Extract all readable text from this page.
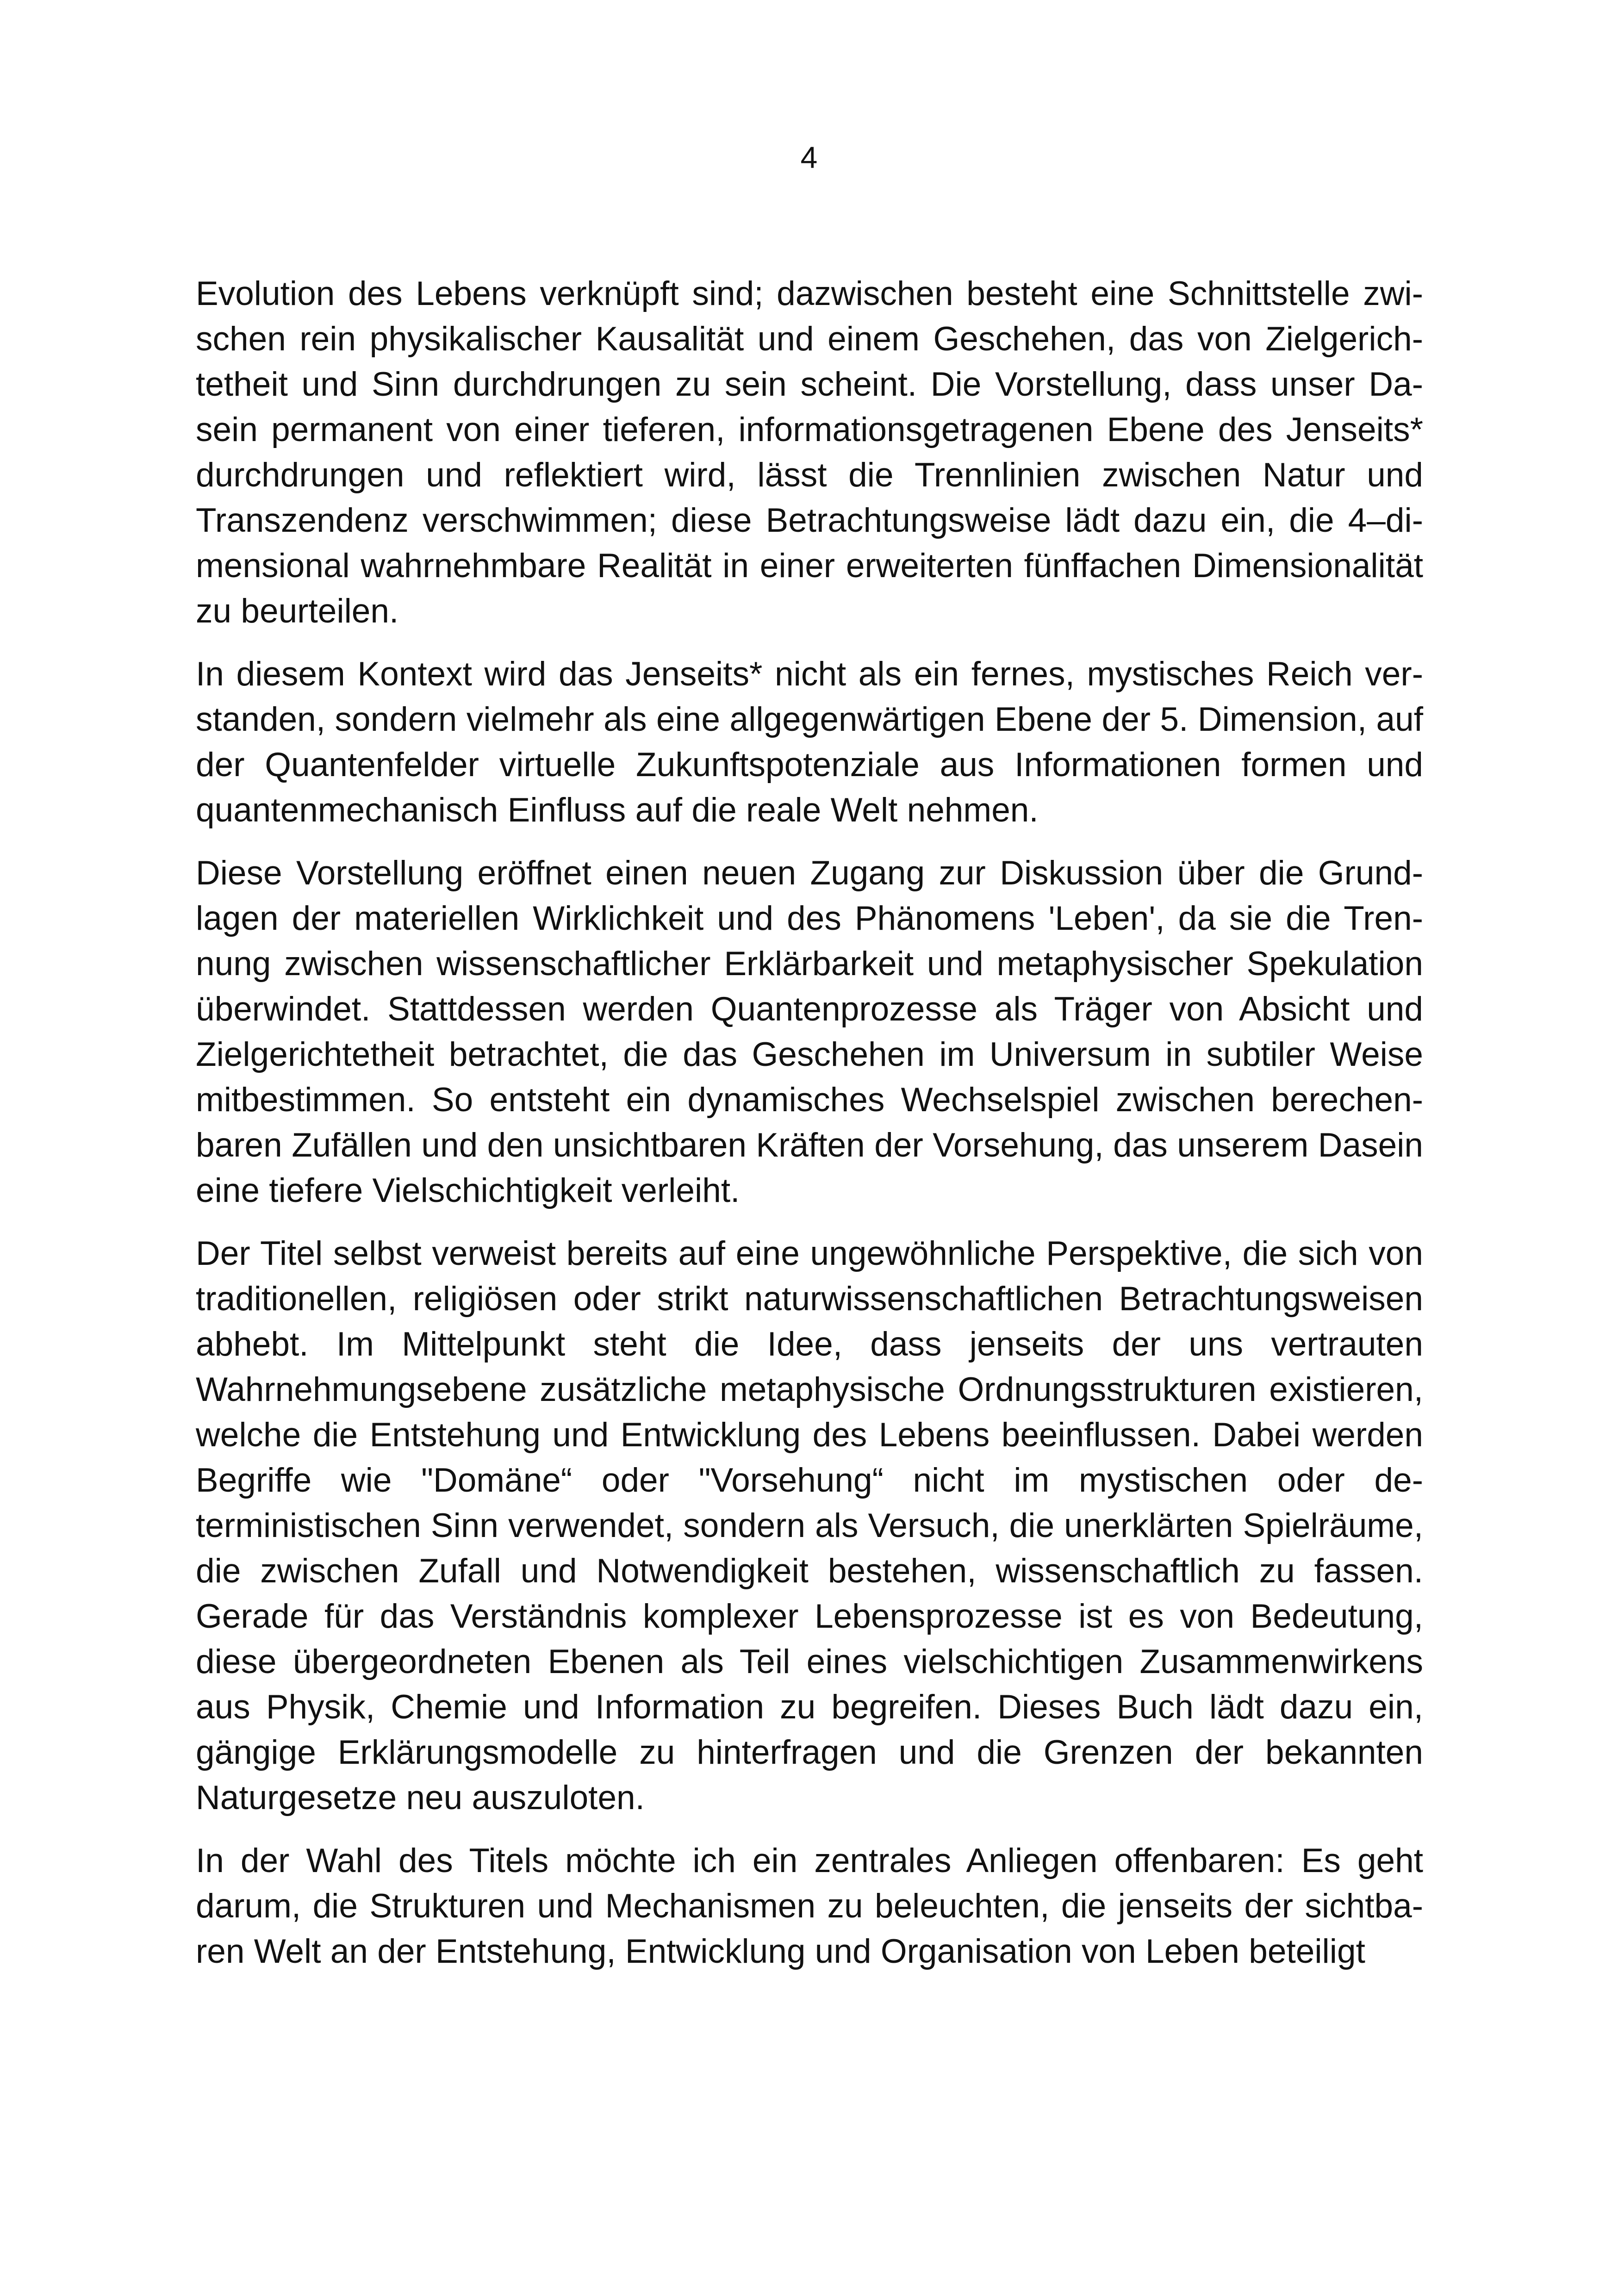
4

Evolution des Lebens verknüpft sind; dazwischen besteht eine Schnittstelle zwischen rein physikalischer Kausalität und einem Geschehen, das von Zielgerichtetheit und Sinn durchdrungen zu sein scheint. Die Vorstellung, dass unser Dasein permanent von einer tieferen, informationsgetragenen Ebene des Jenseits* durchdrungen und reflektiert wird, lässt die Trennlinien zwischen Natur und Transzendenz verschwimmen; diese Betrachtungsweise lädt dazu ein, die 4–dimensional wahrnehmbare Realität in einer erweiterten fünffachen Dimensionalität zu beurteilen.

In diesem Kontext wird das Jenseits* nicht als ein fernes, mystisches Reich verstanden, sondern vielmehr als eine allgegenwärtigen Ebene der 5. Dimension, auf der Quantenfelder virtuelle Zukunftspotenziale aus Informationen formen und quantenmechanisch Einfluss auf die reale Welt nehmen.

Diese Vorstellung eröffnet einen neuen Zugang zur Diskussion über die Grundlagen der materiellen Wirklichkeit und des Phänomens 'Leben', da sie die Trennung zwischen wissenschaftlicher Erklärbarkeit und metaphysischer Spekulation überwindet. Stattdessen werden Quantenprozesse als Träger von Absicht und Zielgerichtetheit betrachtet, die das Geschehen im Universum in subtiler Weise mitbestimmen. So entsteht ein dynamisches Wechselspiel zwischen berechenbaren Zufällen und den unsichtbaren Kräften der Vorsehung, das unserem Dasein eine tiefere Vielschichtigkeit verleiht.

Der Titel selbst verweist bereits auf eine ungewöhnliche Perspektive, die sich von traditionellen, religiösen oder strikt naturwissenschaftlichen Betrachtungsweisen abhebt. Im Mittelpunkt steht die Idee, dass jenseits der uns vertrauten Wahrnehmungsebene zusätzliche metaphysische Ordnungsstrukturen existieren, welche die Entstehung und Entwicklung des Lebens beeinflussen. Dabei werden Begriffe wie "Domäne“ oder "Vorsehung“ nicht im mystischen oder deterministischen Sinn verwendet, sondern als Versuch, die unerklärten Spielräume, die zwischen Zufall und Notwendigkeit bestehen, wissenschaftlich zu fassen. Gerade für das Verständnis komplexer Lebensprozesse ist es von Bedeutung, diese übergeordneten Ebenen als Teil eines vielschichtigen Zusammenwirkens aus Physik, Chemie und Information zu begreifen. Dieses Buch lädt dazu ein, gängige Erklärungsmodelle zu hinterfragen und die Grenzen der bekannten Naturgesetze neu auszuloten.

In der Wahl des Titels möchte ich ein zentrales Anliegen offenbaren: Es geht darum, die Strukturen und Mechanismen zu beleuchten, die jenseits der sichtbaren Welt an der Entstehung, Entwicklung und Organisation von Leben beteiligt
